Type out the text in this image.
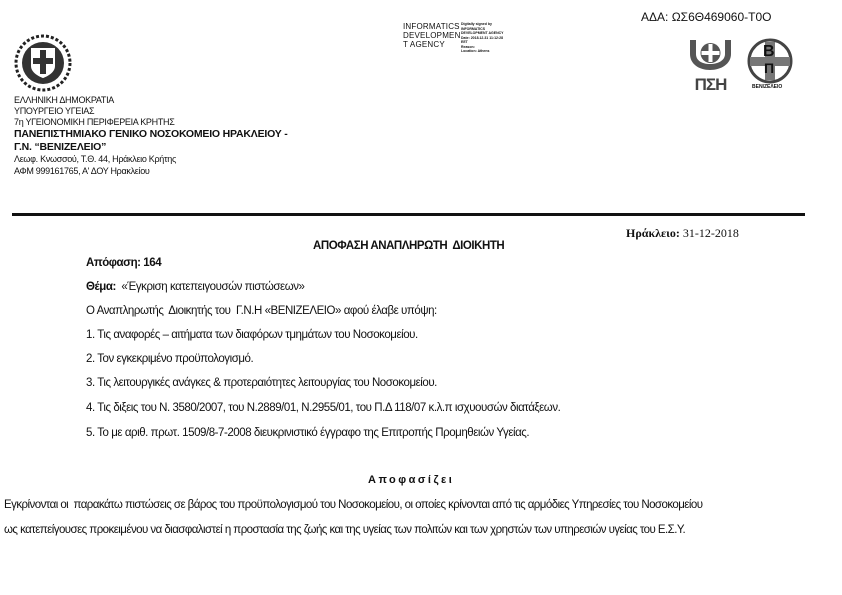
ΑΔΑ: ΩΣ6Θ469060-Τ0Ο
INFORMATICS
DEVELOPMEN
T AGENCY
Digitally signed by
INFORMATICS
DEVELOPMENT AGENCY
Date: 2018.12.31 11:12:28
EET
Reason:
Location: Athens
ΕΛΛΗΝΙΚΗ ΔΗΜΟΚΡΑΤΙΑ
ΥΠΟΥΡΓΕΙΟ ΥΓΕΙΑΣ
7η ΥΓΕΙΟΝΟΜΙΚΗ ΠΕΡΙΦΕΡΕΙΑ ΚΡΗΤΗΣ
ΠΑΝΕΠΙΣΤΗΜΙΑΚΟ ΓΕΝΙΚΟ ΝΟΣΟΚΟΜΕΙΟ ΗΡΑΚΛΕΙΟΥ -
Γ.Ν. “ΒΕΝΙΖΕΛΕΙΟ”
Λεωφ. Κνωσσού, Τ.Θ. 44, Ηράκλειο Κρήτης
ΑΦΜ 999161765, Α' ΔΟΥ Ηρακλείου
ΠΣΗ
Β
Π
ΒΕΝΙΖΕΛΕΙΟ
Ηράκλειο: 31-12-2018
ΑΠΟΦΑΣΗ ΑΝΑΠΛΗΡΩΤΗ  ΔΙΟΙΚΗΤΗ
Απόφαση: 164
Θέμα: «Έγκριση κατεπειγουσών πιστώσεων»
Ο Αναπληρωτής  Διοικητής του  Γ.Ν.Η «ΒΕΝΙΖΕΛΕΙΟ» αφού έλαβε υπόψη:
1. Τις αναφορές – αιτήματα των διαφόρων τμημάτων του Νοσοκομείου.
2. Τον εγκεκριμένο προϋπολογισμό.
3. Τις λειτουργικές ανάγκες & προτεραιότητες λειτουργίας του Νοσοκομείου.
4. Τις διξεις του Ν. 3580/2007, του Ν.2889/01, Ν.2955/01, του Π.Δ 118/07 κ.λ.π ισχυουσών διατάξεων.
5. Το με αριθ. πρωτ. 1509/8-7-2008 διευκρινιστικό έγγραφο της Επιτροπής Προμηθειών Υγείας.
Αποφασίζει
Εγκρίνονται οι  παρακάτω πιστώσεις σε βάρος του προϋπολογισμού του Νοσοκομείου, οι οποίες κρίνονται από τις αρμόδιες Υπηρεσίες του Νοσοκομείου
ως κατεπείγουσες προκειμένου να διασφαλιστεί η προστασία της ζωής και της υγείας των πολιτών και των χρηστών των υπηρεσιών υγείας του Ε.Σ.Υ.
